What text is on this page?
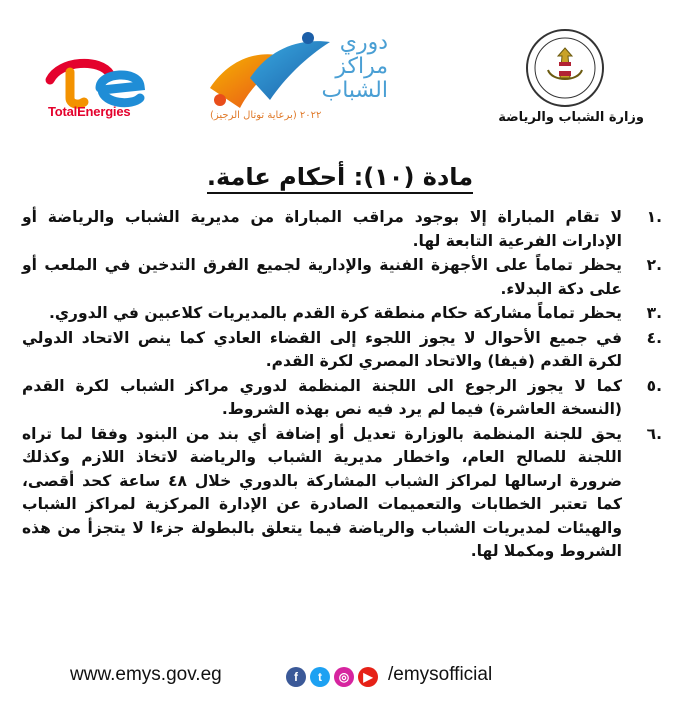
TotalEnergies
دوري
مراكز
الشباب
٢٠٢٢ (برعاية توتال الرجيز)	وزارة الشباب والرياضة
مادة (١٠): أحكام عامة.
.١
لا تقام المباراة إلا بوجود مراقب المباراة من مديرية الشباب والرياضة أو الإدارات الفرعية التابعة لها.
.٢
يحظر تماماً على الأجهزة الفنية والإدارية لجميع الفرق التدخين في الملعب أو على دكة البدلاء.
.٣
يحظر تماماً مشاركة حكام منطقة كرة القدم بالمديريات كلاعبين في الدوري.
.٤
في جميع الأحوال لا يجوز اللجوء إلى القضاء العادي كما ينص الاتحاد الدولي لكرة القدم (فيفا) والاتحاد المصري لكرة القدم.
.٥
كما لا يجوز الرجوع الى اللجنة المنظمة لدوري مراكز الشباب لكرة القدم (النسخة العاشرة) فيما لم يرد فيه نص بهذه الشروط.
.٦
يحق للجنة المنظمة بالوزارة تعديل أو إضافة أي بند من البنود وفقا لما تراه اللجنة للصالح العام، واخطار مديرية الشباب والرياضة لاتخاذ اللازم وكذلك ضرورة ارسالها لمراكز الشباب المشاركة بالدوري خلال ٤٨ ساعة كحد أقصى، كما تعتبر الخطابات والتعميمات الصادرة عن الإدارة المركزية لمراكز الشباب والهيئات لمديريات الشباب والرياضة فيما يتعلق بالبطولة جزءا لا يتجزأ من هذه الشروط ومكملا لها.
www.emys.gov.eg	f	t	◎	▶ /emysofficial
